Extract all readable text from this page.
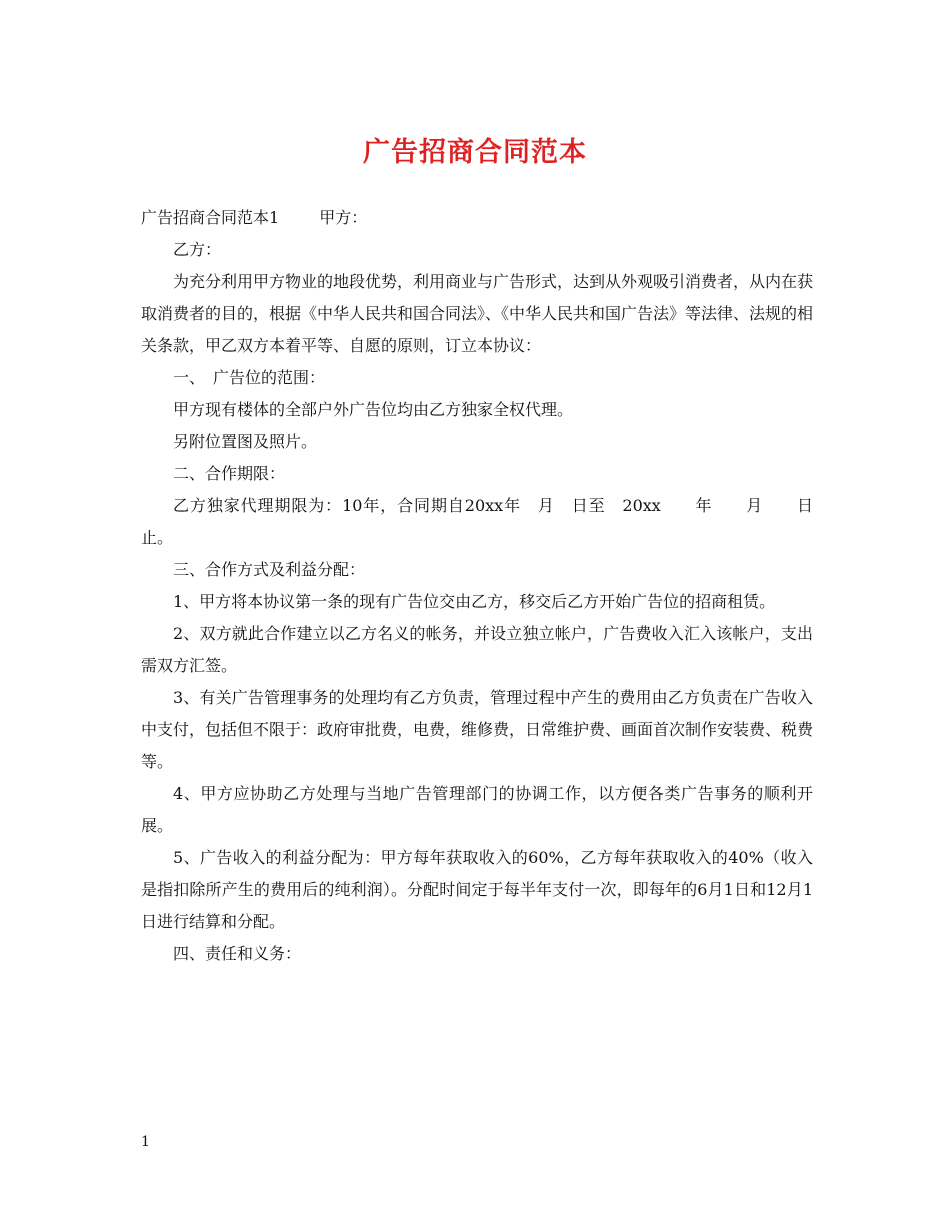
广告招商合同范本

广告招商合同范本1	甲方：

乙方：

为充分利用甲方物业的地段优势，利用商业与广告形式，达到从外观吸引消费者，从内在获取消费者的目的，根据《中华人民共和国合同法》、《中华人民共和国广告法》等法律、法规的相关条款，甲乙双方本着平等、自愿的原则，订立本协议：

一、　广告位的范围：

甲方现有楼体的全部户外广告位均由乙方独家全权代理。

另附位置图及照片。

二、合作期限：

乙方独家代理期限为：10年，合同期自20xx年　月　日至　20xx　　年　　月　　日止。

三、合作方式及利益分配：

1、甲方将本协议第一条的现有广告位交由乙方，移交后乙方开始广告位的招商租赁。

2、双方就此合作建立以乙方名义的帐务，并设立独立帐户，广告费收入汇入该帐户，支出需双方汇签。

3、有关广告管理事务的处理均有乙方负责，管理过程中产生的费用由乙方负责在广告收入中支付，包括但不限于：政府审批费，电费，维修费，日常维护费、画面首次制作安装费、税费等。

4、甲方应协助乙方处理与当地广告管理部门的协调工作，以方便各类广告事务的顺利开展。

5、广告收入的利益分配为：甲方每年获取收入的60%，乙方每年获取收入的40%（收入是指扣除所产生的费用后的纯利润）。分配时间定于每半年支付一次，即每年的6月1日和12月1日进行结算和分配。

四、责任和义务：

1
